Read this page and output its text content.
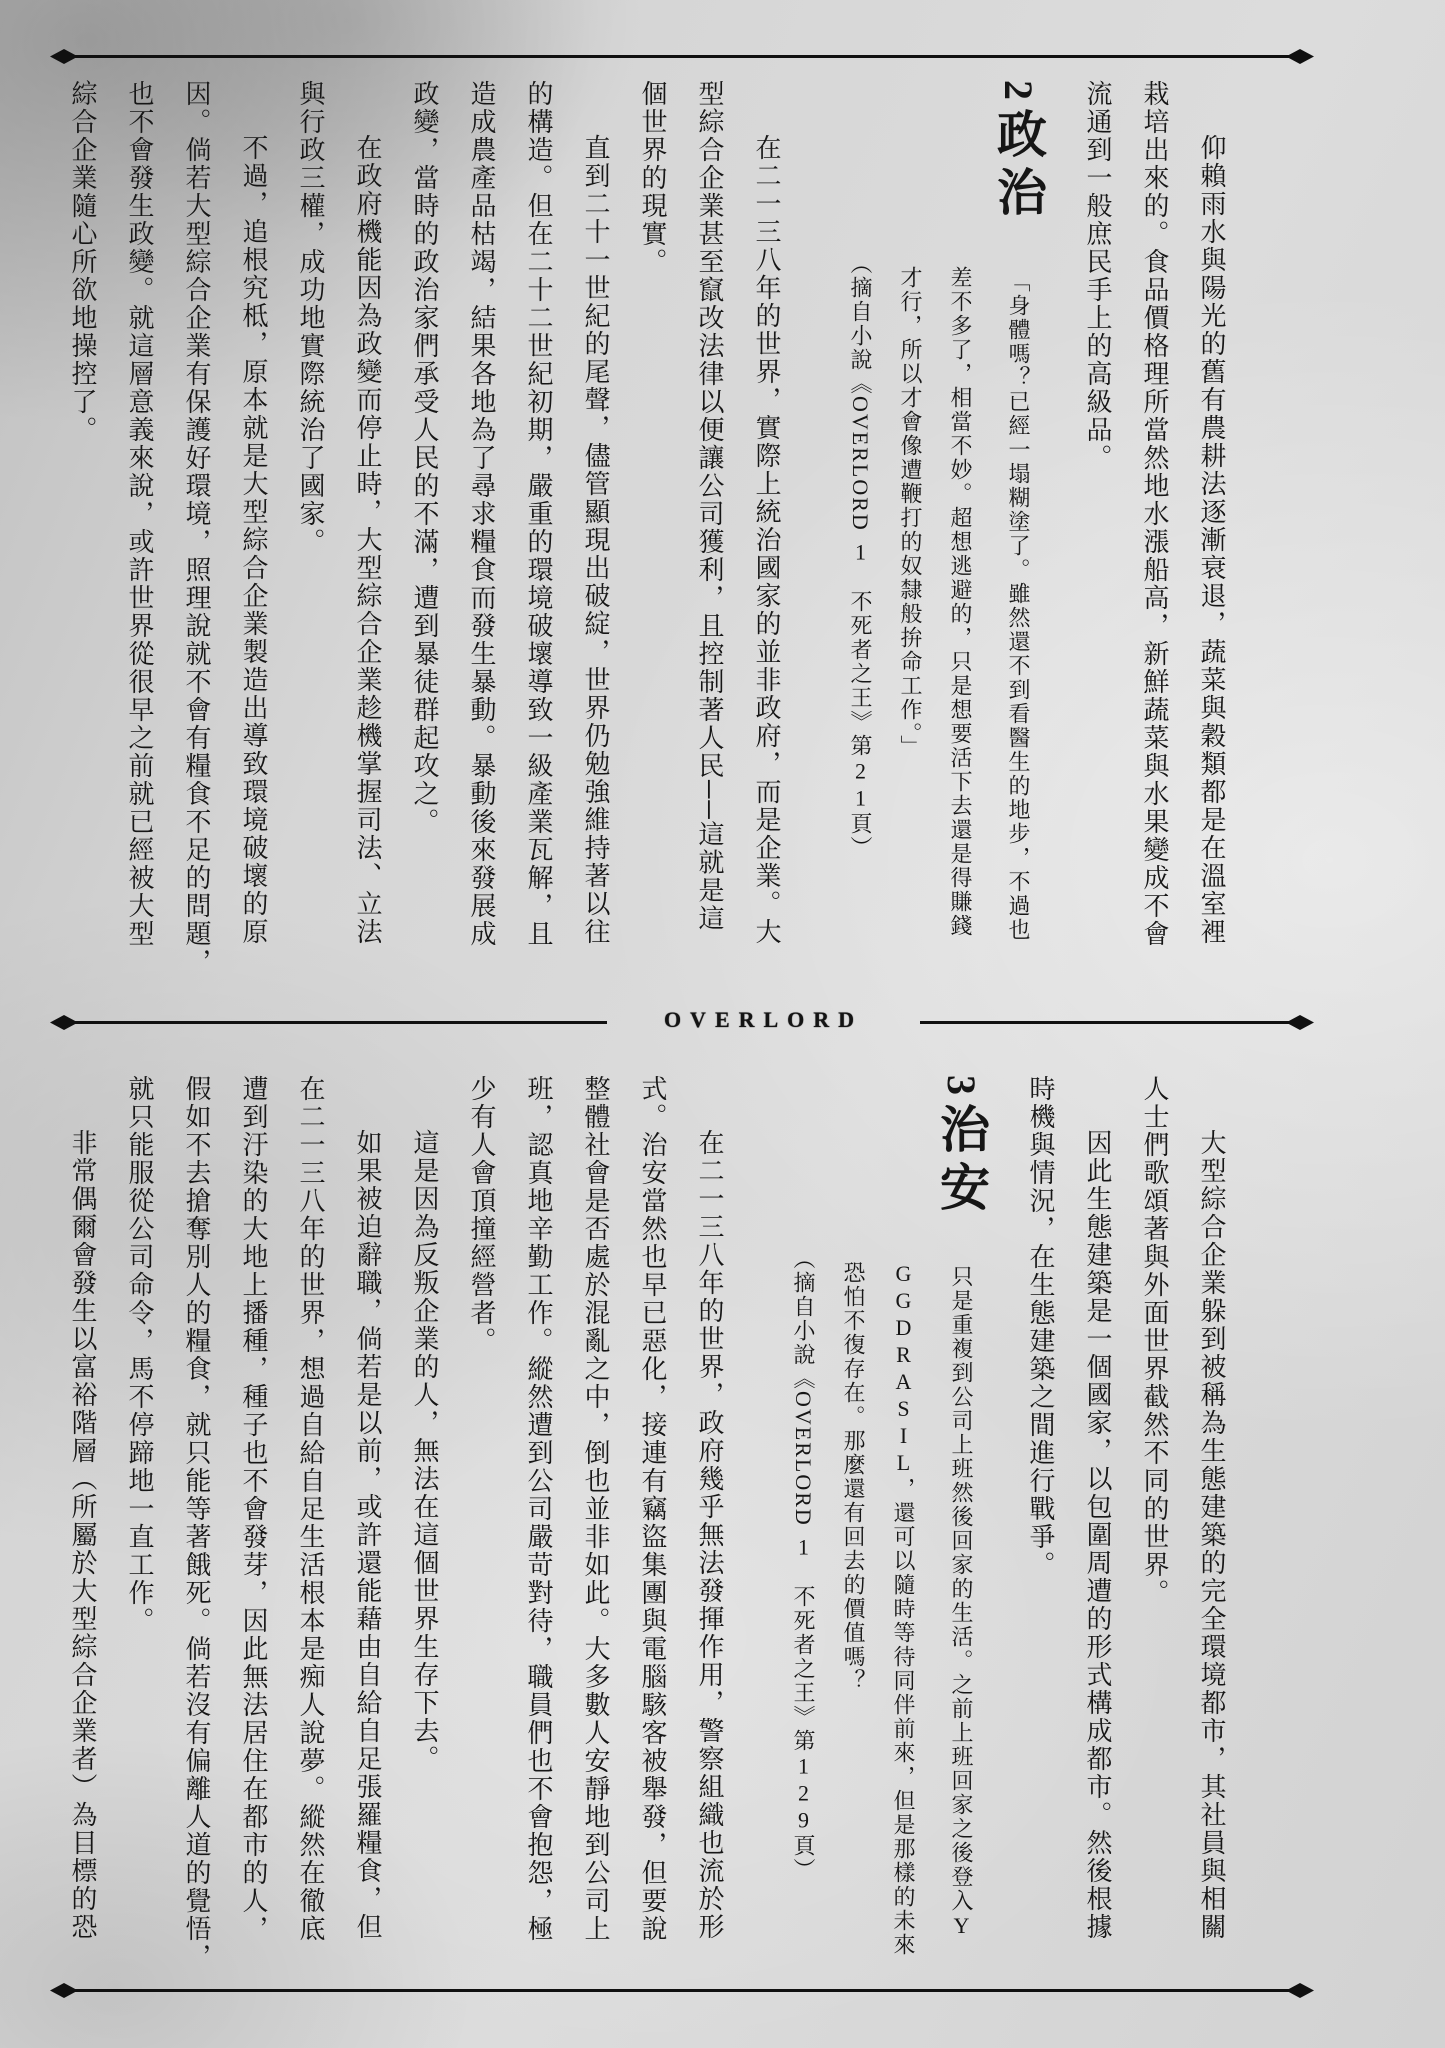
仰賴雨水與陽光的舊有農耕法逐漸衰退，蔬菜與穀類都是在溫室裡
栽培出來的。食品價格理所當然地水漲船高，新鮮蔬菜與水果變成不會
流通到一般庶民手上的高級品。
2政治
「身體嗎？已經一塌糊塗了。雖然還不到看醫生的地步，不過也
差不多了，相當不妙。超想逃避的，只是想要活下去還是得賺錢
才行，所以才會像遭鞭打的奴隸般拚命工作。」
（摘自小說《OVERLORD 1　不死者之王》第21頁）
在二一三八年的世界，實際上統治國家的並非政府，而是企業。大
型綜合企業甚至竄改法律以便讓公司獲利，且控制著人民──這就是這
個世界的現實。
直到二十一世紀的尾聲，儘管顯現出破綻，世界仍勉強維持著以往
的構造。但在二十二世紀初期，嚴重的環境破壞導致一級產業瓦解，且
造成農產品枯竭，結果各地為了尋求糧食而發生暴動。暴動後來發展成
政變，當時的政治家們承受人民的不滿，遭到暴徒群起攻之。
在政府機能因為政變而停止時，大型綜合企業趁機掌握司法、立法
與行政三權，成功地實際統治了國家。
不過，追根究柢，原本就是大型綜合企業製造出導致環境破壞的原
因。倘若大型綜合企業有保護好環境，照理說就不會有糧食不足的問題，
也不會發生政變。就這層意義來說，或許世界從很早之前就已經被大型
綜合企業隨心所欲地操控了。
OVERLORD
大型綜合企業躲到被稱為生態建築的完全環境都市，其社員與相關
人士們歌頌著與外面世界截然不同的世界。
因此生態建築是一個國家，以包圍周遭的形式構成都市。然後根據
時機與情況，在生態建築之間進行戰爭。
3治安
只是重複到公司上班然後回家的生活。之前上班回家之後登入Y
GGDRASIL，還可以隨時等待同伴前來，但是那樣的未來
恐怕不復存在。那麼還有回去的價值嗎？
（摘自小說《OVERLORD 1　不死者之王》第129頁）
在二一三八年的世界，政府幾乎無法發揮作用，警察組織也流於形
式。治安當然也早已惡化，接連有竊盜集團與電腦駭客被舉發，但要說
整體社會是否處於混亂之中，倒也並非如此。大多數人安靜地到公司上
班，認真地辛勤工作。縱然遭到公司嚴苛對待，職員們也不會抱怨，極
少有人會頂撞經營者。
這是因為反叛企業的人，無法在這個世界生存下去。
如果被迫辭職，倘若是以前，或許還能藉由自給自足張羅糧食，但
在二一三八年的世界，想過自給自足生活根本是痴人說夢。縱然在徹底
遭到汙染的大地上播種，種子也不會發芽，因此無法居住在都市的人，
假如不去搶奪別人的糧食，就只能等著餓死。倘若沒有偏離人道的覺悟，
就只能服從公司命令，馬不停蹄地一直工作。
非常偶爾會發生以富裕階層（所屬於大型綜合企業者）為目標的恐
